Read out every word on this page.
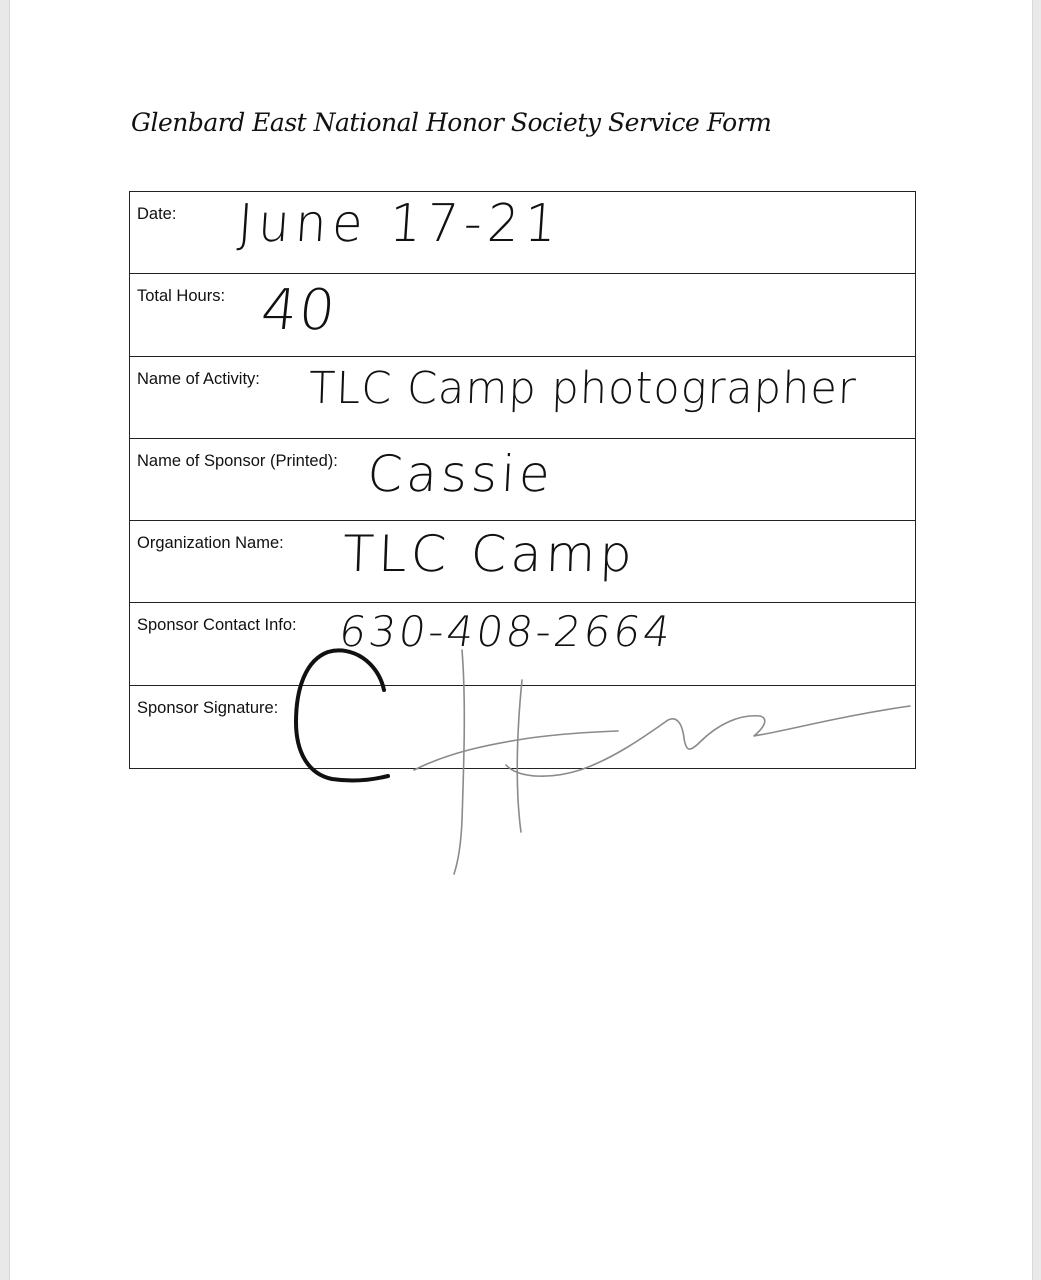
Glenbard East National Honor Society Service Form
Date: June 17-21
Total Hours: 40
Name of Activity: TLC Camp photographer
Name of Sponsor (Printed): Cassie
Organization Name: TLC Camp
Sponsor Contact Info: 630-408-2664
Sponsor Signature:
